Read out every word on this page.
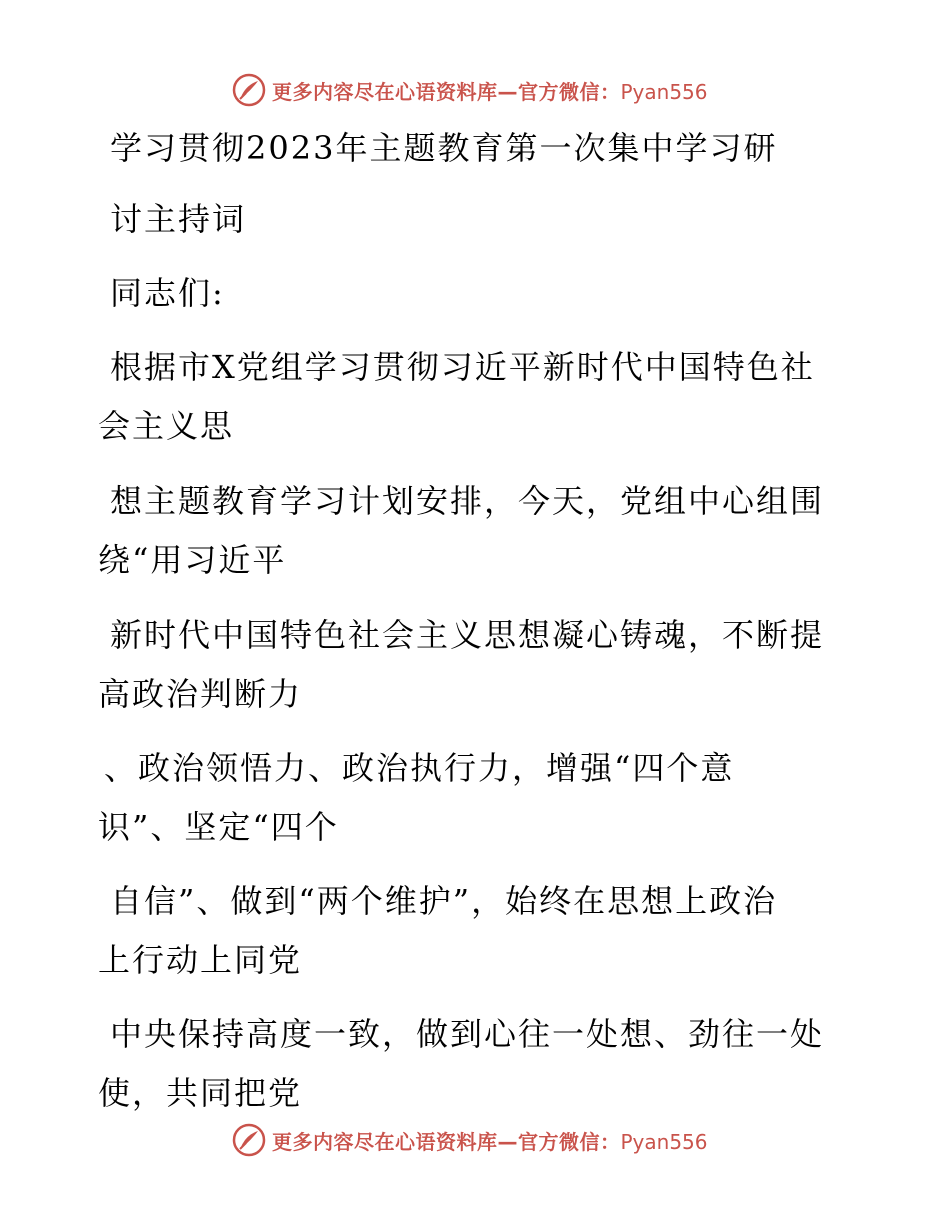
更多内容尽在心语资料库—官方微信：Pyan556
学习贯彻2023年主题教育第一次集中学习研
讨主持词
同志们:
根据市X党组学习贯彻习近平新时代中国特色社
会主义思
想主题教育学习计划安排，今天，党组中心组围
绕“用习近平
新时代中国特色社会主义思想凝心铸魂，不断提
高政治判断力
、政治领悟力、政治执行力，增强“四个意
识”、坚定“四个
自信”、做到“两个维护”，始终在思想上政治
上行动上同党
中央保持高度一致，做到心往一处想、劲往一处
使，共同把党
更多内容尽在心语资料库—官方微信：Pyan556
